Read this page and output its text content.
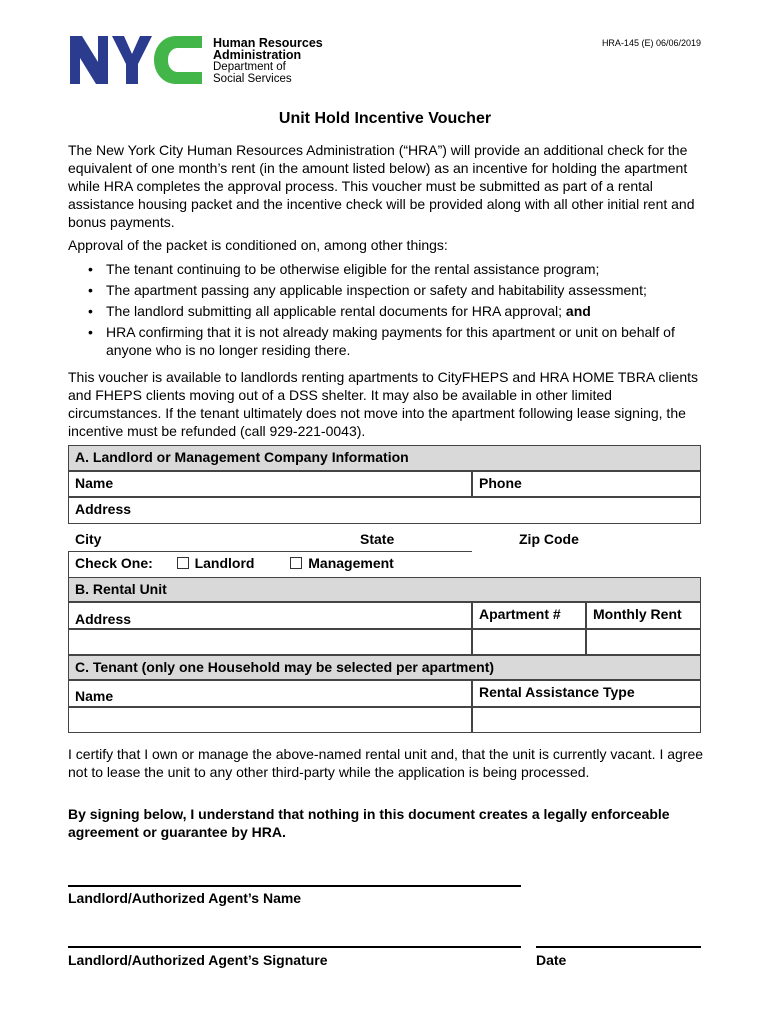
Human Resources
Administration
Department of
Social Services
HRA-145 (E) 06/06/2019
Unit Hold Incentive Voucher

The New York City Human Resources Administration (“HRA”) will provide an additional check for the equivalent of one month’s rent (in the amount listed below) as an incentive for holding the apartment while HRA completes the approval process. This voucher must be submitted as part of a rental assistance housing packet and the incentive check will be provided along with all other initial rent and bonus payments.

Approval of the packet is conditioned on, among other things:

• The tenant continuing to be otherwise eligible for the rental assistance program;
• The apartment passing any applicable inspection or safety and habitability assessment;
• The landlord submitting all applicable rental documents for HRA approval; and
• HRA confirming that it is not already making payments for this apartment or unit on behalf of anyone who is no longer residing there.

This voucher is available to landlords renting apartments to CityFHEPS and HRA HOME TBRA clients and FHEPS clients moving out of a DSS shelter. It may also be available in other limited circumstances. If the tenant ultimately does not move into the apartment following lease signing, the incentive must be refunded (call 929-221-0043).

A. Landlord or Management Company Information
Name	Phone
Address
City	State	Zip Code
Check One:	Landlord	Management
B. Rental Unit
Address	Apartment #	Monthly Rent
C. Tenant (only one Household may be selected per apartment)
Name	Rental Assistance Type

I certify that I own or manage the above-named rental unit and, that the unit is currently vacant. I agree not to lease the unit to any other third-party while the application is being processed.

By signing below, I understand that nothing in this document creates a legally enforceable agreement or guarantee by HRA.

Landlord/Authorized Agent’s Name
Landlord/Authorized Agent’s Signature	Date
